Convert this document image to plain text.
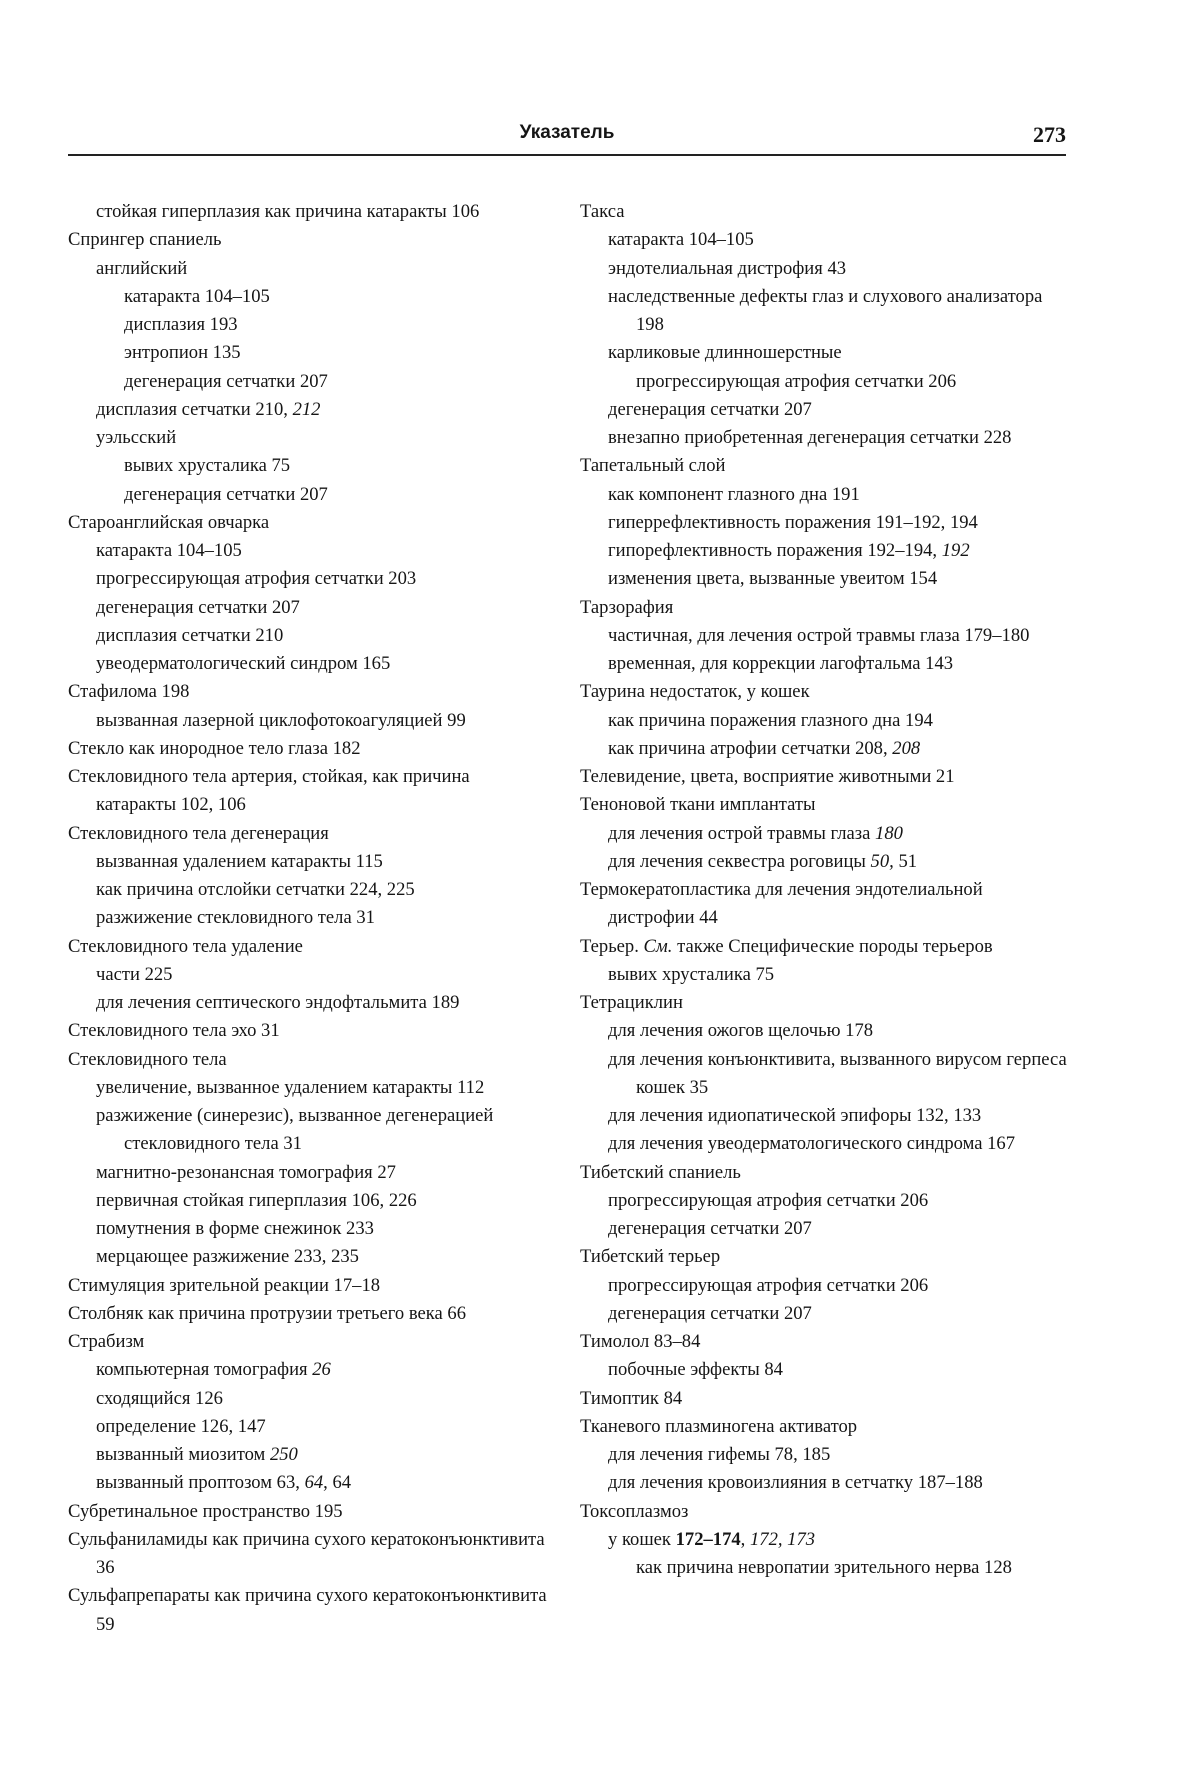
Указатель	273
стойкая гиперплазия как причина катаракты 106
Спрингер спаниель
английский
катаракта 104–105
дисплазия 193
энтропион 135
дегенерация сетчатки 207
дисплазия сетчатки 210, 212
уэльсский
вывих хрусталика 75
дегенерация сетчатки 207
Староанглийская овчарка
катаракта 104–105
прогрессирующая атрофия сетчатки 203
дегенерация сетчатки 207
дисплазия сетчатки 210
увеодерматологический синдром 165
Стафилома 198
вызванная лазерной циклофотокоагуляцией 99
Стекло как инородное тело глаза 182
Стекловидного тела артерия, стойкая, как причина катаракты 102, 106
Стекловидного тела дегенерация
вызванная удалением катаракты 115
как причина отслойки сетчатки 224, 225
разжижение стекловидного тела 31
Стекловидного тела удаление
части 225
для лечения септического эндофтальмита 189
Стекловидного тела эхо 31
Стекловидного тела
увеличение, вызванное удалением катаракты 112
разжижение (синерезис), вызванное дегенерацией стекловидного тела 31
магнитно-резонансная томография 27
первичная стойкая гиперплазия 106, 226
помутнения в форме снежинок 233
мерцающее разжижение 233, 235
Стимуляция зрительной реакции 17–18
Столбняк как причина протрузии третьего века 66
Страбизм
компьютерная томография 26
сходящийся 126
определение 126, 147
вызванный миозитом 250
вызванный проптозом 63, 64, 64
Субретинальное пространство 195
Сульфаниламиды как причина сухого кератоконъюнктивита 36
Сульфапрепараты как причина сухого кератоконъюнктивита 59
Такса
катаракта 104–105
эндотелиальная дистрофия 43
наследственные дефекты глаз и слухового анализатора 198
карликовые длинношерстные
прогрессирующая атрофия сетчатки 206
дегенерация сетчатки 207
внезапно приобретенная дегенерация сетчатки 228
Тапетальный слой
как компонент глазного дна 191
гиперрефлективность поражения 191–192, 194
гипорефлективность поражения 192–194, 192
изменения цвета, вызванные увеитом 154
Тарзорафия
частичная, для лечения острой травмы глаза 179–180
временная, для коррекции лагофтальма 143
Таурина недостаток, у кошек
как причина поражения глазного дна 194
как причина атрофии сетчатки 208, 208
Телевидение, цвета, восприятие животными 21
Теноновой ткани имплантаты
для лечения острой травмы глаза 180
для лечения секвестра роговицы 50, 51
Термокератопластика для лечения эндотелиальной дистрофии 44
Терьер. См. также Специфические породы терьеров
вывих хрусталика 75
Тетрациклин
для лечения ожогов щелочью 178
для лечения конъюнктивита, вызванного вирусом герпеса кошек 35
для лечения идиопатической эпифоры 132, 133
для лечения увеодерматологического синдрома 167
Тибетский спаниель
прогрессирующая атрофия сетчатки 206
дегенерация сетчатки 207
Тибетский терьер
прогрессирующая атрофия сетчатки 206
дегенерация сетчатки 207
Тимолол 83–84
побочные эффекты 84
Тимоптик 84
Тканевого плазминогена активатор
для лечения гифемы 78, 185
для лечения кровоизлияния в сетчатку 187–188
Токсоплазмоз
у кошек 172–174, 172, 173
как причина невропатии зрительного нерва 128
